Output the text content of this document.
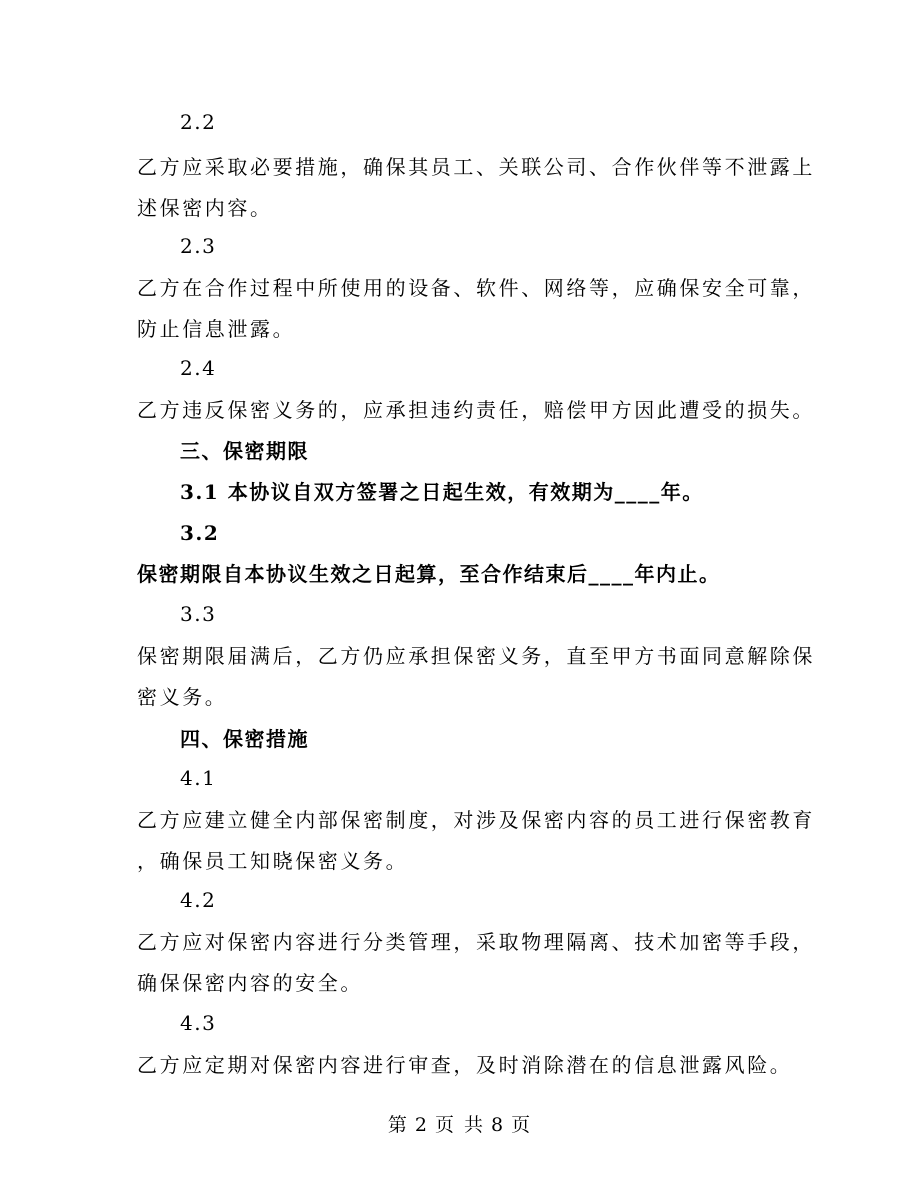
2.2
乙方应采取必要措施，确保其员工、关联公司、合作伙伴等不泄露上
述保密内容。
2.3
乙方在合作过程中所使用的设备、软件、网络等，应确保安全可靠，
防止信息泄露。
2.4
乙方违反保密义务的，应承担违约责任，赔偿甲方因此遭受的损失。
三、保密期限
3.1 本协议自双方签署之日起生效，有效期为____年。
3.2
保密期限自本协议生效之日起算，至合作结束后____年内止。
3.3
保密期限届满后，乙方仍应承担保密义务，直至甲方书面同意解除保
密义务。
四、保密措施
4.1
乙方应建立健全内部保密制度，对涉及保密内容的员工进行保密教育
，确保员工知晓保密义务。
4.2
乙方应对保密内容进行分类管理，采取物理隔离、技术加密等手段，
确保保密内容的安全。
4.3
乙方应定期对保密内容进行审查，及时消除潜在的信息泄露风险。
第 2 页 共 8 页
